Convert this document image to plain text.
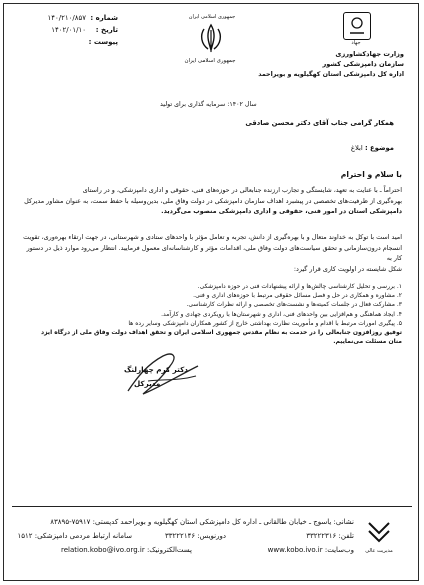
شماره :
۱۴۰/۲۱۰/۸۵۷
تاریخ :
۱۴۰۲/۰۱/۱۰
پیوست :
جمهوری اسلامی ایران
جمهوری اسلامی ایران
جهاد
وزارت جهادکشاورزی
سازمان دامپزشکی کشور
اداره کل دامپزشکی استان کهگیلویه و بویراحمد
سال ۱۴۰۲: سرمایه گذاری برای تولید
همکار گرامی جناب آقای دکتر محسن صادقی
موضوع : ابلاغ
با سلام و احترام
احتراماً ـ با عنایت به تعهد، شایستگی و تجارب ارزنده جنابعالی در حوزه‌های فنی، حقوقی و اداری دامپزشکی، و در راستای
بهره‌گیری از ظرفیت‌های تخصصی در پیشبرد اهداف سازمان دامپزشکی در دولت وفاق ملی، بدین‌وسیله با حفظ سمت، به عنوان مشاور مدیرکل
دامپزشکی استان در امور فنی، حقوقی و اداری دامپزشکی منصوب می‌گردید.
امید است با توکل به خداوند متعال و با بهره‌گیری از دانش، تجربه و تعامل مؤثر با واحدهای ستادی و شهرستانی، در جهت ارتقاء بهره‌وری، تقویت
انسجام درون‌سازمانی و تحقق سیاست‌های دولت وفاق ملی، اقدامات مؤثر و کارشناسانه‌ای معمول فرمایید. انتظار می‌رود موارد ذیل در دستور کار به
شکل شایسته در اولویت کاری قرار گیرد:
۱. بررسی و تحلیل کارشناسی چالش‌ها و ارائه پیشنهادات فنی در حوزه دامپزشکی.
۲. مشاوره و همکاری در حل و فصل مسائل حقوقی مرتبط با حوزه‌های اداری و فنی.
۳. مشارکت فعال در جلسات کمیته‌ها و نشست‌های تخصصی و ارائه نظرات کارشناسی.
۴. ایجاد هماهنگی و هم‌افزایی بین واحدهای فنی، اداری و شهرستان‌ها با رویکردی جهادی و کارآمد.
۵. پیگیری امورات مرتبط با اقدام و مأموریت نظارت بهداشتی خارج از کشور همکاران دامپزشکی وسایر رده ها
توفیق روزافزون جنابعالی را در خدمت به نظام مقدس جمهوری اسلامی ایران و تحقق اهداف دولت وفاق ملی از درگاه ایزد منان مسئلت می‌نماییم.
دکتر کرم چهارلنگ
مدیرکل
مدیریت عالی
نشانی: یاسوج ـ خیابان طالقانی ـ اداره کل دامپزشکی استان کهگیلویه و بویراحمد کدپستی: ۷۵۹۱۷-۸۳۸۹۵
تلفن: ۳۳۲۲۲۳۱۶
دورنویس: ۳۳۲۲۲۱۴۶
سامانه ارتباط مردمی دامپزشکی: ۱۵۱۲
وب‌سایت: www.kobo.ivo.ir
پست‌الکترونیک: relation.kobo@ivo.org.ir
